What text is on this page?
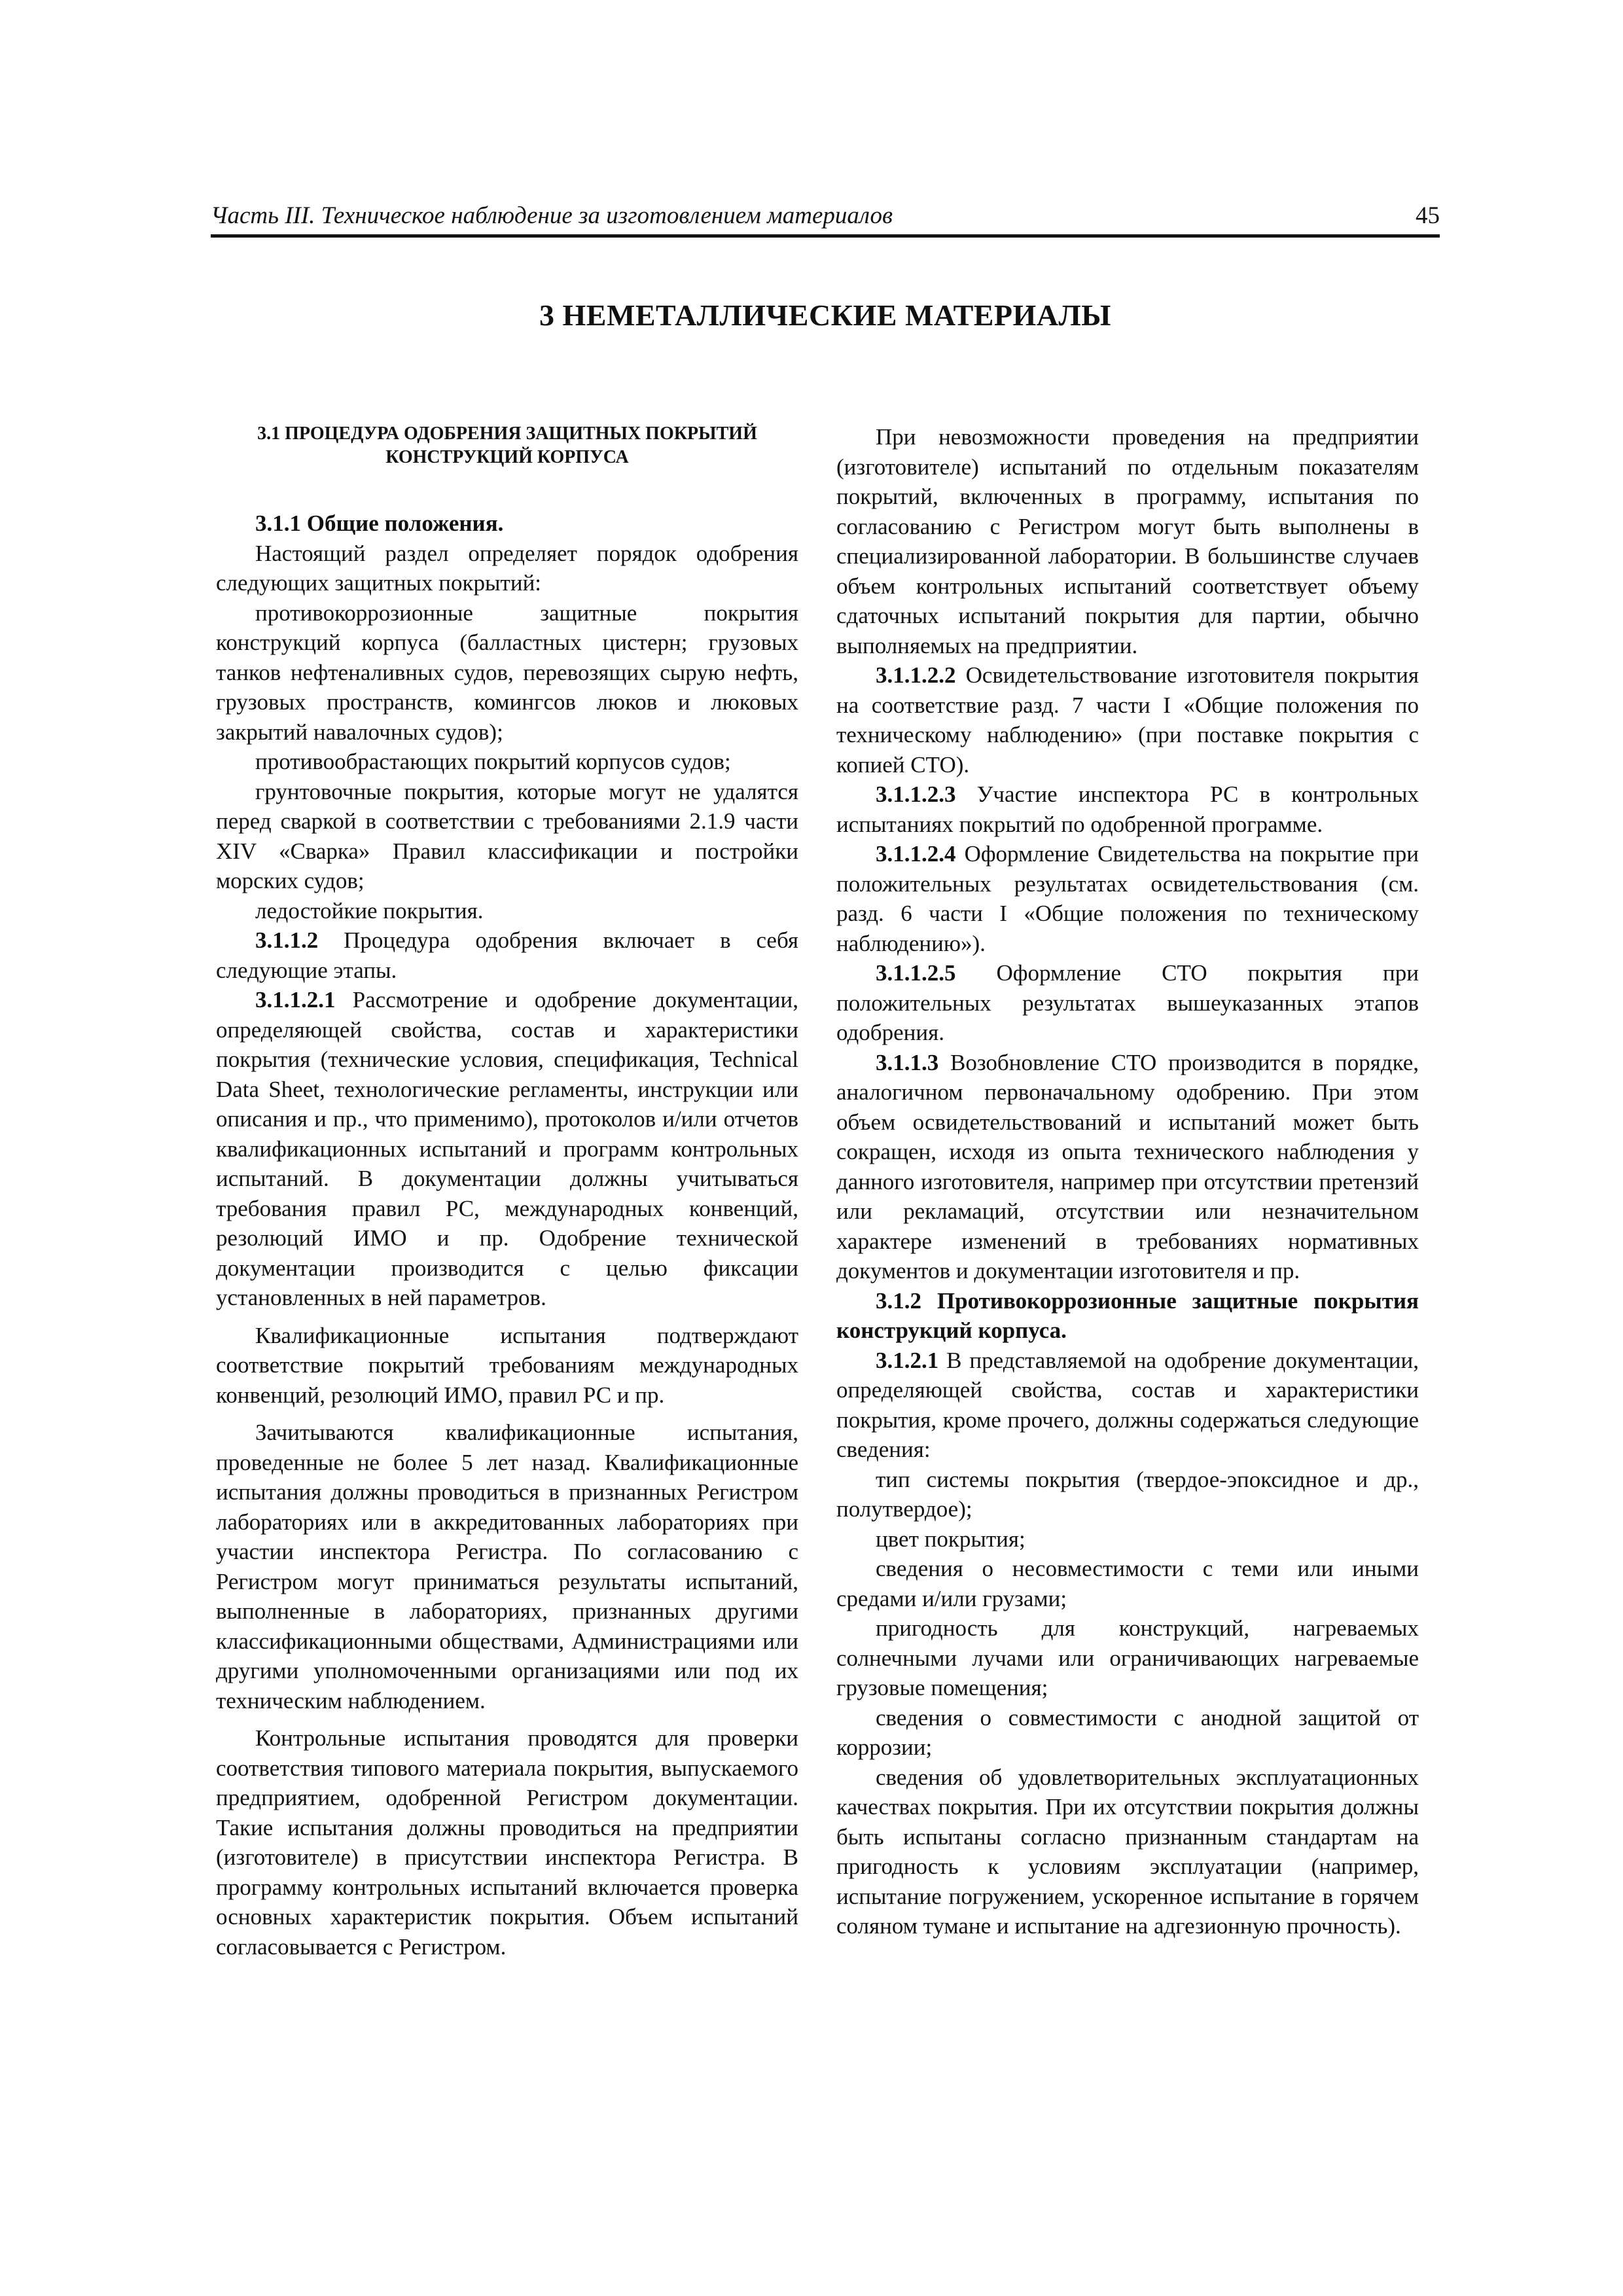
Часть III. Техническое наблюдение за изготовлением материалов	45
3 НЕМЕТАЛЛИЧЕСКИЕ МАТЕРИАЛЫ
3.1 ПРОЦЕДУРА ОДОБРЕНИЯ ЗАЩИТНЫХ ПОКРЫТИЙ
КОНСТРУКЦИЙ КОРПУСА
3.1.1 Общие положения.

Настоящий раздел определяет порядок одобрения следующих защитных покрытий:

противокоррозионные защитные покрытия конструкций корпуса (балластных цистерн; грузовых танков нефтеналивных судов, перевозящих сырую нефть, грузовых пространств, комингсов люков и люковых закрытий навалочных судов);

противообрастающих покрытий корпусов судов;

грунтовочные покрытия, которые могут не удалятся перед сваркой в соответствии с требованиями 2.1.9 части XIV «Сварка» Правил классификации и постройки морских судов;

ледостойкие покрытия.

3.1.1.2 Процедура одобрения включает в себя следующие этапы.

3.1.1.2.1 Рассмотрение и одобрение документации, определяющей свойства, состав и характеристики покрытия (технические условия, спецификация, Technical Data Sheet, технологические регламенты, инструкции или описания и пр., что применимо), протоколов и/или отчетов квалификационных испытаний и программ контрольных испытаний. В документации должны учитываться требования правил РС, международных конвенций, резолюций ИМО и пр. Одобрение технической документации производится с целью фиксации установленных в ней параметров.

Квалификационные испытания подтверждают соответствие покрытий требованиям международных конвенций, резолюций ИМО, правил РС и пр.

Зачитываются квалификационные испытания, проведенные не более 5 лет назад. Квалификационные испытания должны проводиться в признанных Регистром лабораториях или в аккредитованных лабораториях при участии инспектора Регистра. По согласованию с Регистром могут приниматься результаты испытаний, выполненные в лабораториях, признанных другими классификационными обществами, Администрациями или другими уполномоченными организациями или под их техническим наблюдением.

Контрольные испытания проводятся для проверки соответствия типового материала покрытия, выпускаемого предприятием, одобренной Регистром документации. Такие испытания должны проводиться на предприятии (изготовителе) в присутствии инспектора Регистра. В программу контрольных испытаний включается проверка основных характеристик покрытия. Объем испытаний согласовывается с Регистром.

При невозможности проведения на предприятии (изготовителе) испытаний по отдельным показателям покрытий, включенных в программу, испытания по согласованию с Регистром могут быть выполнены в специализированной лаборатории. В большинстве случаев объем контрольных испытаний соответствует объему сдаточных испытаний покрытия для партии, обычно выполняемых на предприятии.

3.1.1.2.2 Освидетельствование изготовителя покрытия на соответствие разд. 7 части I «Общие положения по техническому наблюдению» (при поставке покрытия с копией СТО).

3.1.1.2.3 Участие инспектора РС в контрольных испытаниях покрытий по одобренной программе.

3.1.1.2.4 Оформление Свидетельства на покрытие при положительных результатах освидетельствования (см. разд. 6 части I «Общие положения по техническому наблюдению»).

3.1.1.2.5 Оформление СТО покрытия при положительных результатах вышеуказанных этапов одобрения.

3.1.1.3 Возобновление СТО производится в порядке, аналогичном первоначальному одобрению. При этом объем освидетельствований и испытаний может быть сокращен, исходя из опыта технического наблюдения у данного изготовителя, например при отсутствии претензий или рекламаций, отсутствии или незначительном характере изменений в требованиях нормативных документов и документации изготовителя и пр.

3.1.2 Противокоррозионные защитные покрытия конструкций корпуса.

3.1.2.1 В представляемой на одобрение документации, определяющей свойства, состав и характеристики покрытия, кроме прочего, должны содержаться следующие сведения:

тип системы покрытия (твердое-эпоксидное и др., полутвердое);

цвет покрытия;

сведения о несовместимости с теми или иными средами и/или грузами;

пригодность для конструкций, нагреваемых солнечными лучами или ограничивающих нагреваемые грузовые помещения;

сведения о совместимости с анодной защитой от коррозии;

сведения об удовлетворительных эксплуатационных качествах покрытия. При их отсутствии покрытия должны быть испытаны согласно признанным стандартам на пригодность к условиям эксплуатации (например, испытание погружением, ускоренное испытание в горячем соляном тумане и испытание на адгезионную прочность).
